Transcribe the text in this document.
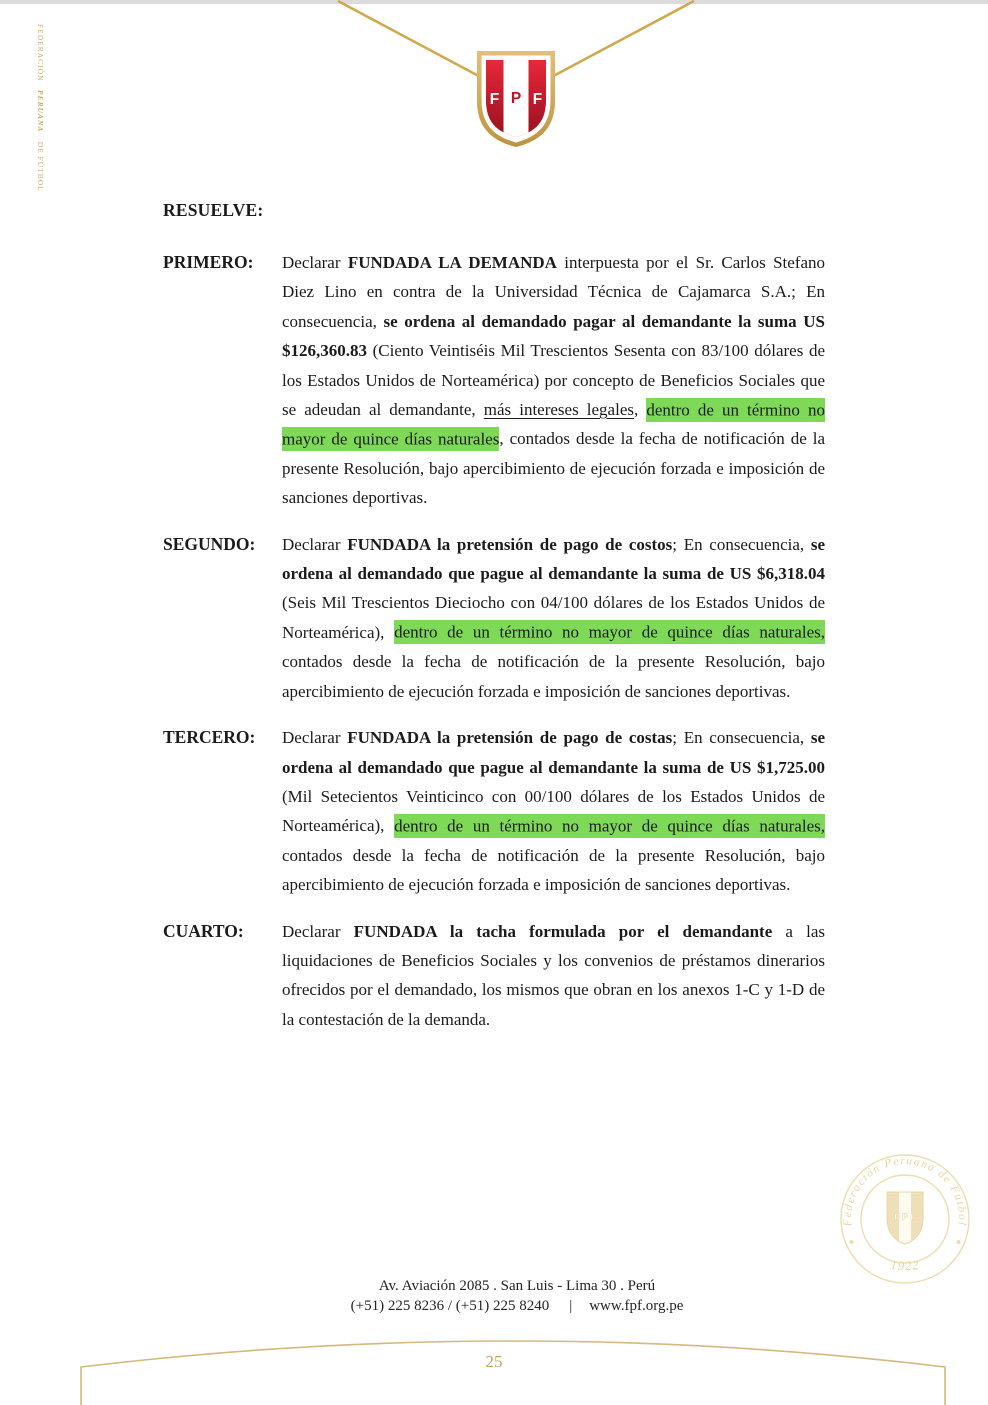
F P F
FEDERACIÓN PERUANA DE FÚTBOL
RESUELVE:
PRIMERO:	Declarar FUNDADA LA DEMANDA interpuesta por el Sr. Carlos Stefano Diez Lino en contra de la Universidad Técnica de Cajamarca S.A.; En consecuencia, se ordena al demandado pagar al demandante la suma US $126,360.83 (Ciento Veintiséis Mil Trescientos Sesenta con 83/100 dólares de los Estados Unidos de Norteamérica) por concepto de Beneficios Sociales que se adeudan al demandante, más intereses legales, dentro de un término no mayor de quince días naturales, contados desde la fecha de notificación de la presente Resolución, bajo apercibimiento de ejecución forzada e imposición de sanciones deportivas.

SEGUNDO:	Declarar FUNDADA la pretensión de pago de costos; En consecuencia, se ordena al demandado que pague al demandante la suma de US $6,318.04 (Seis Mil Trescientos Dieciocho con 04/100 dólares de los Estados Unidos de Norteamérica), dentro de un término no mayor de quince días naturales, contados desde la fecha de notificación de la presente Resolución, bajo apercibimiento de ejecución forzada e imposición de sanciones deportivas.

TERCERO:	Declarar FUNDADA la pretensión de pago de costas; En consecuencia, se ordena al demandado que pague al demandante la suma de US $1,725.00 (Mil Setecientos Veinticinco con 00/100 dólares de los Estados Unidos de Norteamérica), dentro de un término no mayor de quince días naturales, contados desde la fecha de notificación de la presente Resolución, bajo apercibimiento de ejecución forzada e imposición de sanciones deportivas.

CUARTO:	Declarar FUNDADA la tacha formulada por el demandante a las liquidaciones de Beneficios Sociales y los convenios de préstamos dinerarios ofrecidos por el demandado, los mismos que obran en los anexos 1-C y 1-D de la contestación de la demanda.

Federación Peruana de Fútbol
F P F
1922

Av. Aviación 2085 . San Luis - Lima 30 . Perú

(+51) 225 8236 / (+51) 225 8240 | www.fpf.org.pe

25
